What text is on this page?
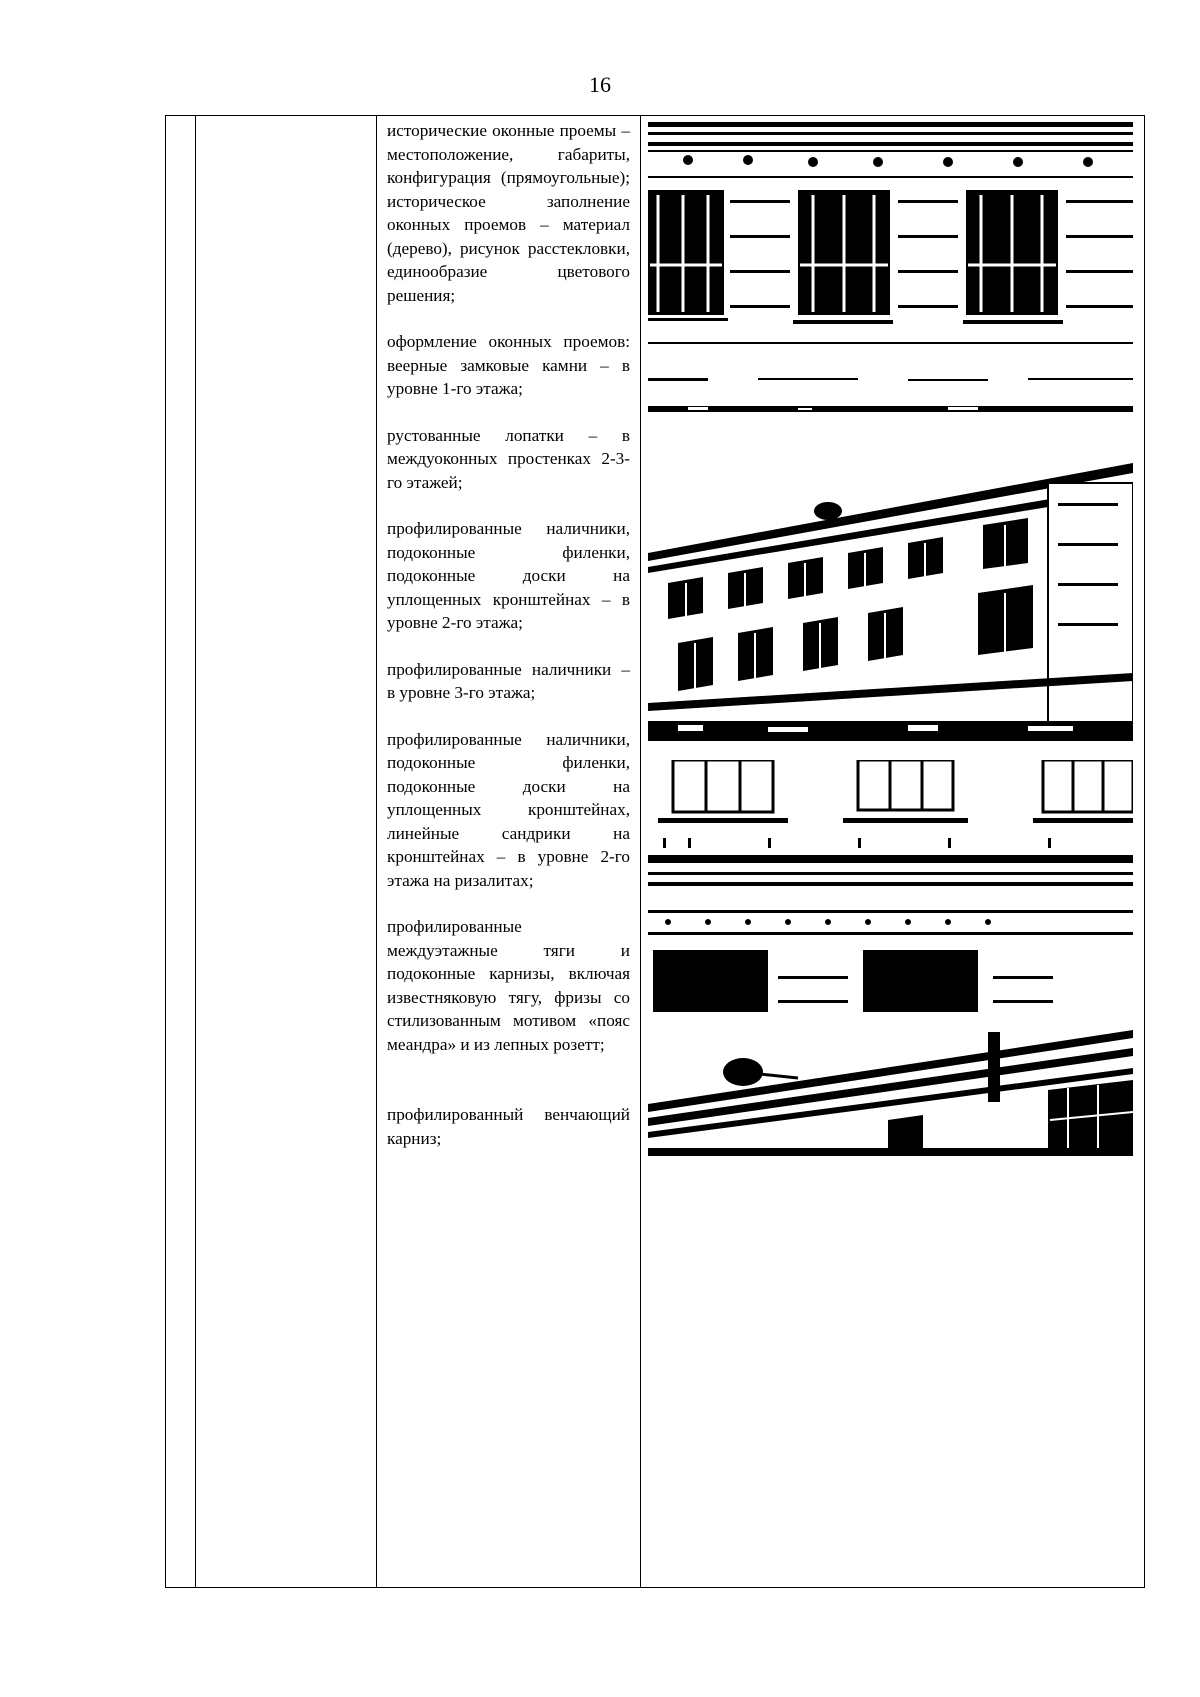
16

исторические оконные проемы – местоположение, габариты, конфигурация (прямоугольные); историческое заполнение оконных проемов – материал (дерево), рисунок расстекловки, единообразие цветового решения;

оформление оконных проемов: веерные замковые камни – в уровне 1-го этажа;

рустованные лопатки – в междуоконных простенках 2-3-го этажей;

профилированные наличники, подоконные филенки, подоконные доски на уплощенных кронштейнах – в уровне 2-го этажа;

профилированные наличники – в уровне 3-го этажа;

профилированные наличники, подоконные филенки, подоконные доски на уплощенных кронштейнах, линейные сандрики на кронштейнах – в уровне 2-го этажа на ризалитах;

профилированные междуэтажные тяги и подоконные карнизы, включая известняковую тягу, фризы со стилизованным мотивом «пояс меандра» и из лепных розетт;

профилированный венчающий карниз;
